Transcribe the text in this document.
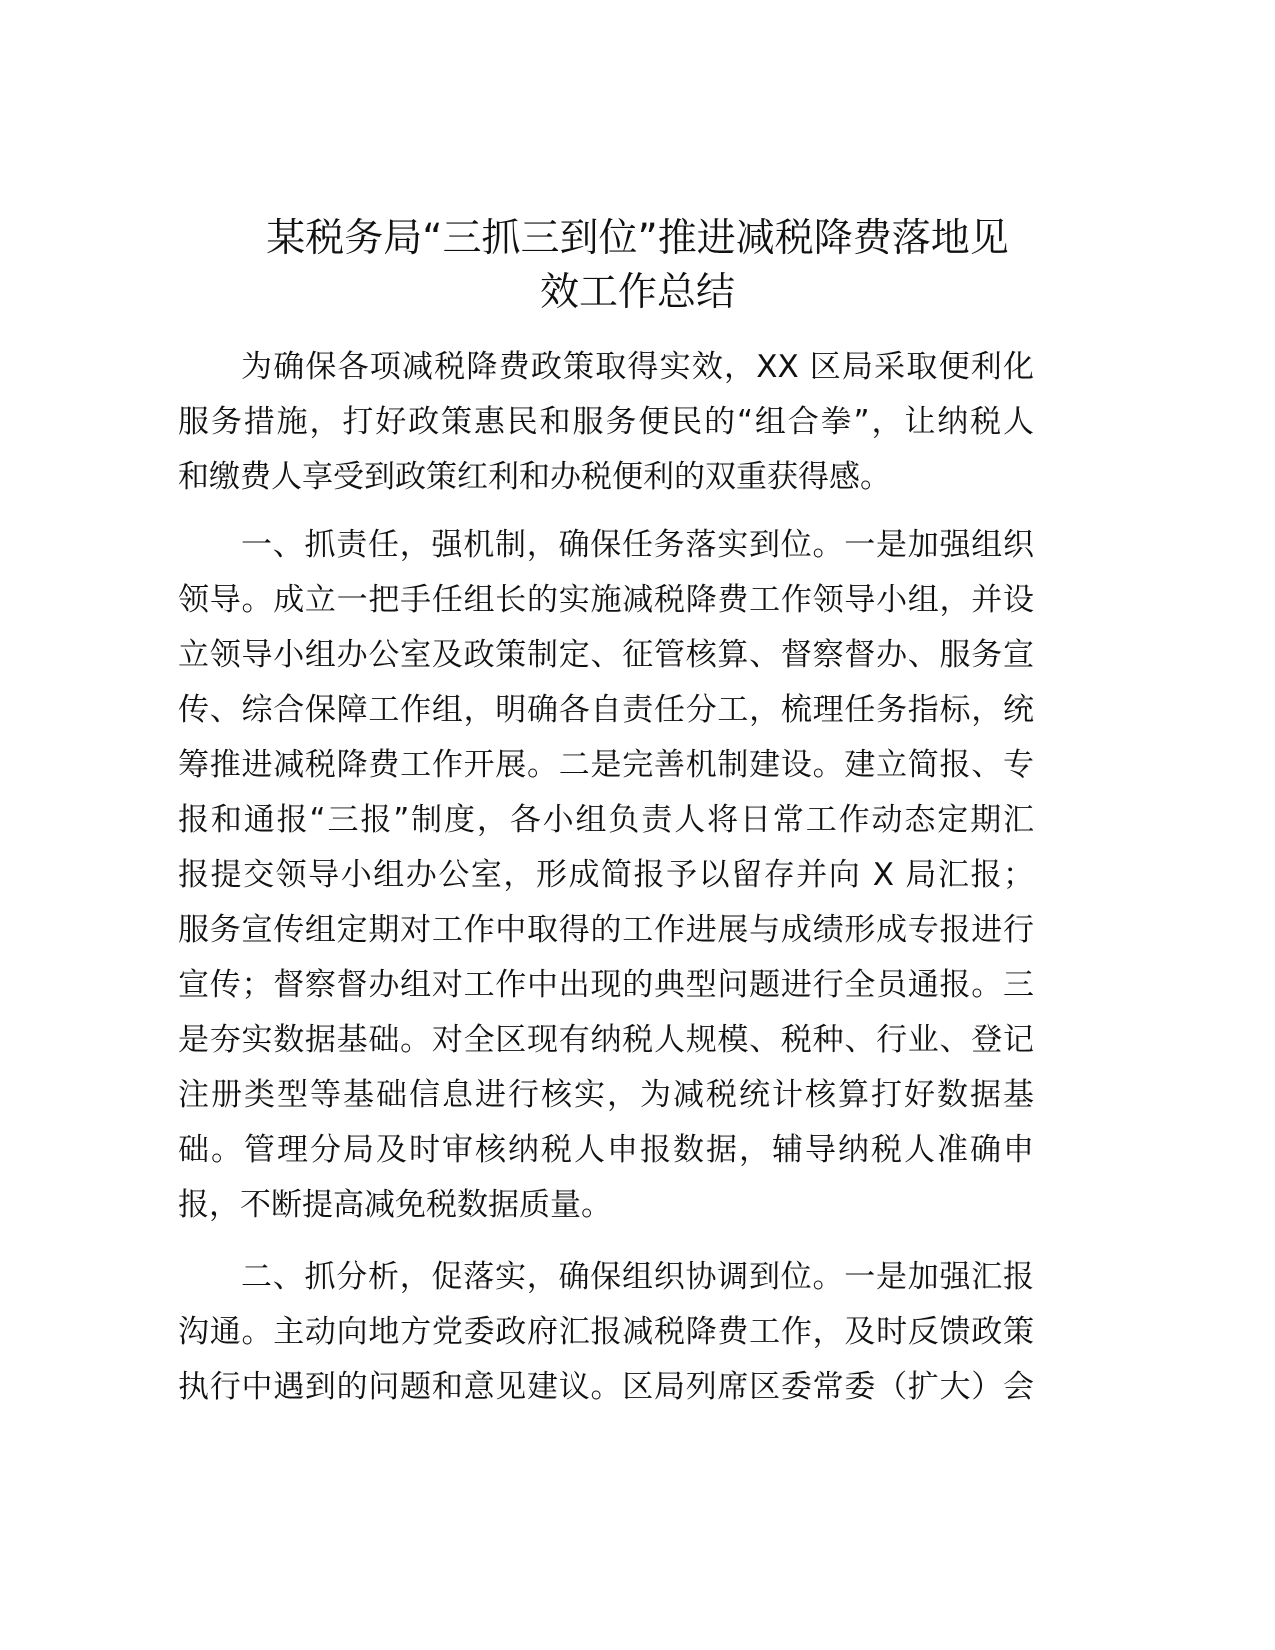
某税务局“三抓三到位”推进减税降费落地见
效工作总结
为确保各项减税降费政策取得实效，XX 区局采取便利化
服务措施，打好政策惠民和服务便民的“组合拳”，让纳税人
和缴费人享受到政策红利和办税便利的双重获得感。
一、抓责任，强机制，确保任务落实到位。一是加强组织
领导。成立一把手任组长的实施减税降费工作领导小组，并设
立领导小组办公室及政策制定、征管核算、督察督办、服务宣
传、综合保障工作组，明确各自责任分工，梳理任务指标，统
筹推进减税降费工作开展。二是完善机制建设。建立简报、专
报和通报“三报”制度，各小组负责人将日常工作动态定期汇
报提交领导小组办公室，形成简报予以留存并向 X 局汇报；
服务宣传组定期对工作中取得的工作进展与成绩形成专报进行
宣传；督察督办组对工作中出现的典型问题进行全员通报。三
是夯实数据基础。对全区现有纳税人规模、税种、行业、登记
注册类型等基础信息进行核实，为减税统计核算打好数据基
础。管理分局及时审核纳税人申报数据，辅导纳税人准确申
报，不断提高减免税数据质量。
二、抓分析，促落实，确保组织协调到位。一是加强汇报
沟通。主动向地方党委政府汇报减税降费工作，及时反馈政策
执行中遇到的问题和意见建议。区局列席区委常委（扩大）会
